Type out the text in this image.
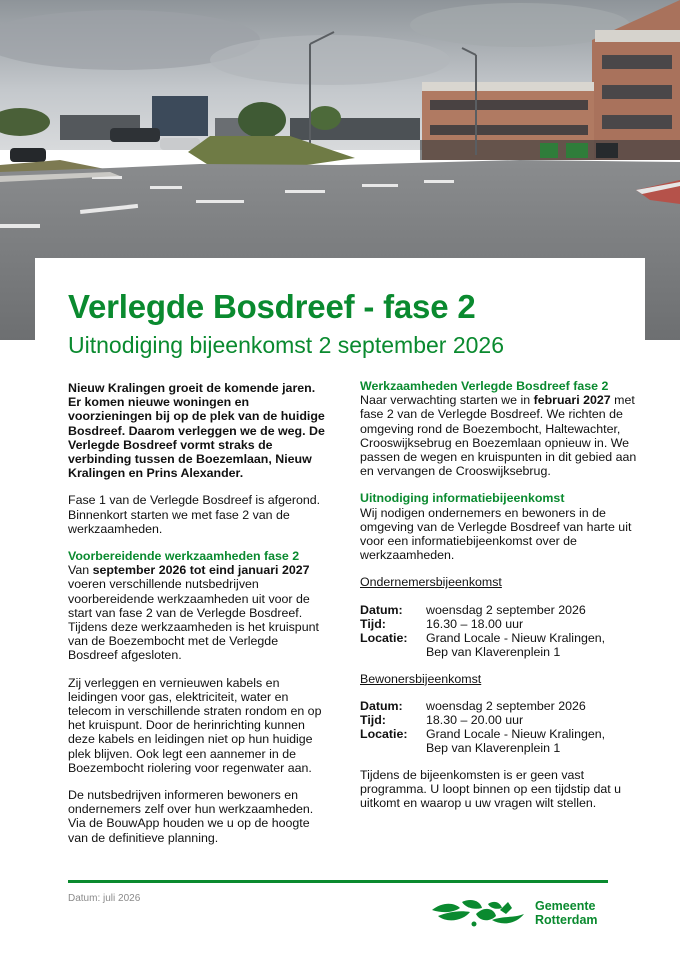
Verlegde Bosdreef - fase 2
Uitnodiging bijeenkomst 2 september 2026

Nieuw Kralingen groeit de komende jaren. Er komen nieuwe woningen en voorzieningen bij op de plek van de huidige Bosdreef. Daarom verleggen we de weg. De Verlegde Bosdreef vormt straks de verbinding tussen de Boezemlaan, Nieuw Kralingen en Prins Alexander.

Fase 1 van de Verlegde Bosdreef is afgerond. Binnenkort starten we met fase 2 van de werkzaamheden.

Voorbereidende werkzaamheden fase 2

Van september 2026 tot eind januari 2027 voeren verschillende nutsbedrijven voorbereidende werkzaamheden uit voor de start van fase 2 van de Verlegde Bosdreef. Tijdens deze werkzaamheden is het kruispunt van de Boezembocht met de Verlegde Bosdreef afgesloten.

Zij verleggen en vernieuwen kabels en leidingen voor gas, elektriciteit, water en telecom in verschillende straten rondom en op het kruispunt. Door de herinrichting kunnen deze kabels en leidingen niet op hun huidige plek blijven. Ook legt een aannemer in de Boezembocht riolering voor regenwater aan.

De nutsbedrijven informeren bewoners en ondernemers zelf over hun werkzaamheden. Via de BouwApp houden we u op de hoogte van de definitieve planning.

Werkzaamheden Verlegde Bosdreef fase 2

Naar verwachting starten we in februari 2027 met fase 2 van de Verlegde Bosdreef. We richten de omgeving rond de Boezembocht, Haltewachter, Crooswijksebrug en Boezemlaan opnieuw in. We passen de wegen en kruispunten in dit gebied aan en vervangen de Crooswijksebrug.

Uitnodiging informatiebijeenkomst

Wij nodigen ondernemers en bewoners in de omgeving van de Verlegde Bosdreef van harte uit voor een informatiebijeenkomst over de werkzaamheden.

Ondernemersbijeenkomst

Datum:	woensdag 2 september 2026
Tijd:	16.30 – 18.00 uur
Locatie:	Grand Locale - Nieuw Kralingen,
Bep van Klaverenplein 1

Bewonersbijeenkomst

Datum:	woensdag 2 september 2026
Tijd:	18.30 – 20.00 uur
Locatie:	Grand Locale - Nieuw Kralingen,
Bep van Klaverenplein 1

Tijdens de bijeenkomsten is er geen vast programma. U loopt binnen op een tijdstip dat u uitkomt en waarop u uw vragen wilt stellen.

Datum: juli 2026
Gemeente
Rotterdam
